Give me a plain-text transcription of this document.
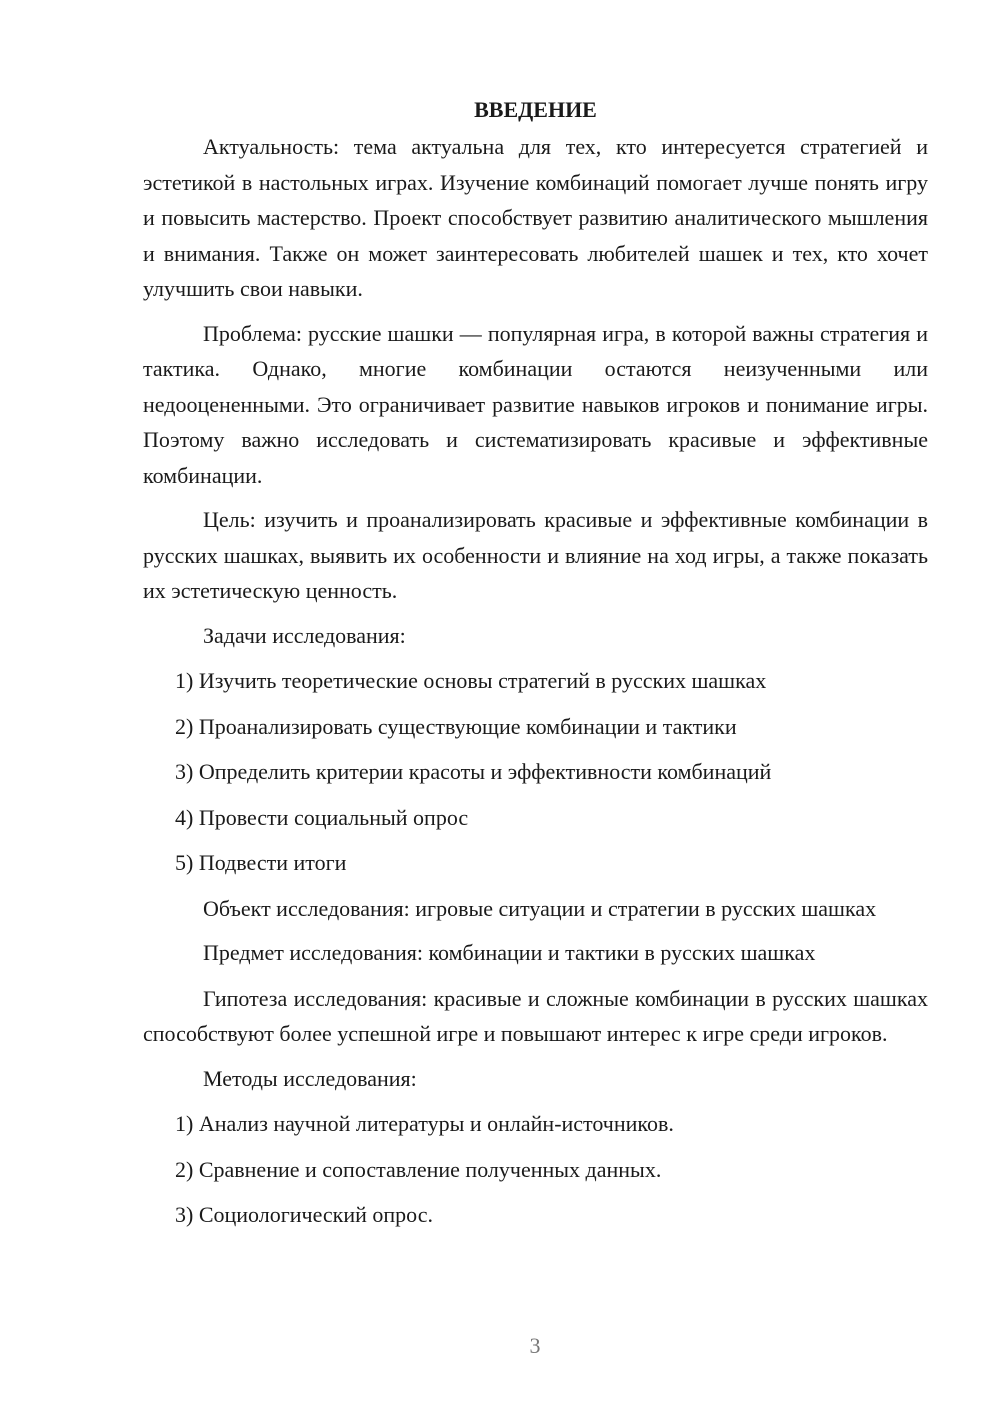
ВВЕДЕНИЕ

Актуальность: тема актуальна для тех, кто интересуется стратегией и эстетикой в настольных играх. Изучение комбинаций помогает лучше понять игру и повысить мастерство. Проект способствует развитию аналитического мышления и внимания. Также он может заинтересовать любителей шашек и тех, кто хочет улучшить свои навыки.

Проблема: русские шашки — популярная игра, в которой важны стратегия и тактика. Однако, многие комбинации остаются неизученными или недооцененными. Это ограничивает развитие навыков игроков и понимание игры. Поэтому важно исследовать и систематизировать красивые и эффективные комбинации.

Цель: изучить и проанализировать красивые и эффективные комбинации в русских шашках, выявить их особенности и влияние на ход игры, а также показать их эстетическую ценность.

Задачи исследования:

1) Изучить теоретические основы стратегий в русских шашках
2) Проанализировать существующие комбинации и тактики
3) Определить критерии красоты и эффективности комбинаций
4) Провести социальный опрос
5) Подвести итоги

Объект исследования: игровые ситуации и стратегии в русских шашках

Предмет исследования: комбинации и тактики в русских шашках

Гипотеза исследования: красивые и сложные комбинации в русских шашках способствуют более успешной игре и повышают интерес к игре среди игроков.

Методы исследования:

1) Анализ научной литературы и онлайн-источников.
2) Сравнение и сопоставление полученных данных.
3) Социологический опрос.
3
